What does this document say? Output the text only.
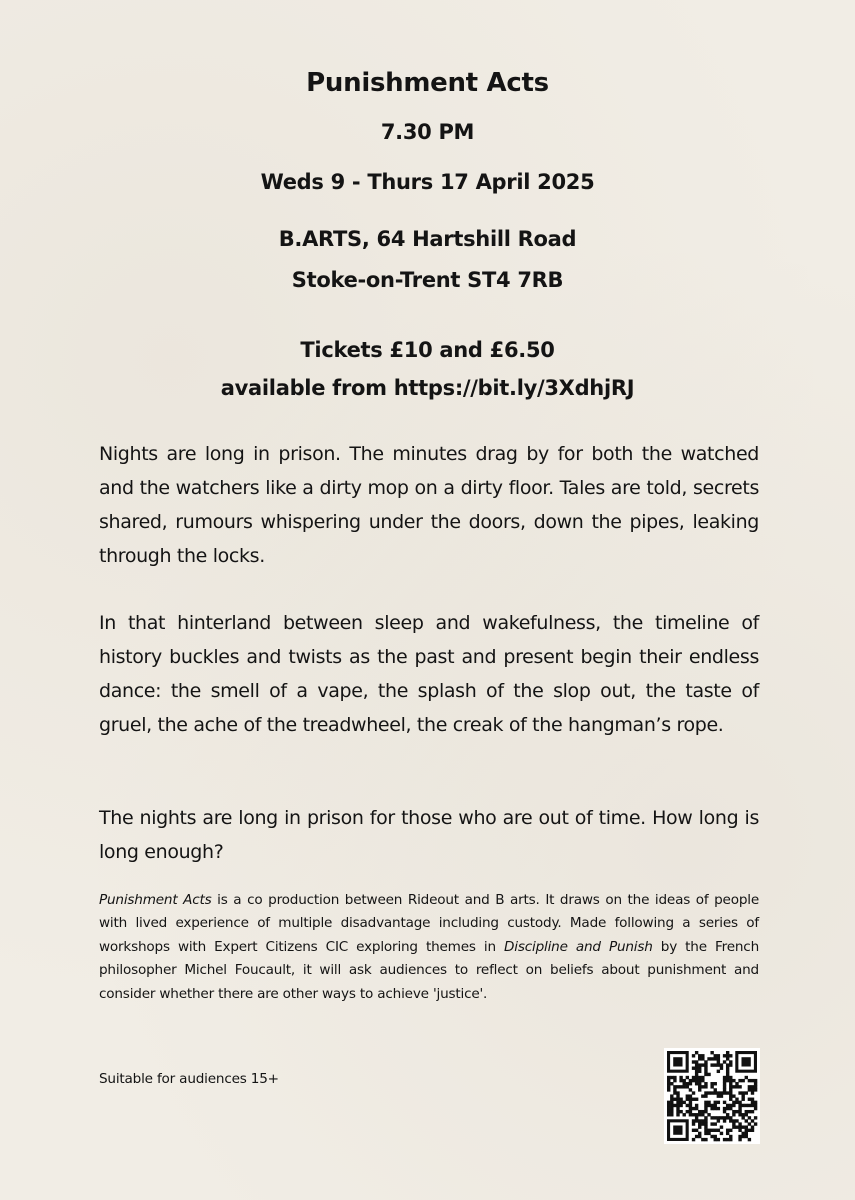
Punishment Acts
7.30 PM
Weds 9 - Thurs 17 April 2025
B.ARTS, 64 Hartshill Road
Stoke-on-Trent ST4 7RB
Tickets £10 and £6.50
available from https://bit.ly/3XdhjRJ

Nights are long in prison. The minutes drag by for both the watched and the watchers like a dirty mop on a dirty floor. Tales are told, secrets shared, rumours whispering under the doors, down the pipes, leaking through the locks.

In that hinterland between sleep and wakefulness, the timeline of history buckles and twists as the past and present begin their endless dance: the smell of a vape, the splash of the slop out, the taste of gruel, the ache of the treadwheel, the creak of the hangman’s rope.

The nights are long in prison for those who are out of time. How long is long enough?

Punishment Acts is a co production between Rideout and B arts. It draws on the ideas of people with lived experience of multiple disadvantage including custody. Made following a series of workshops with Expert Citizens CIC exploring themes in Discipline and Punish by the French philosopher Michel Foucault, it will ask audiences to reflect on beliefs about punishment and consider whether there are other ways to achieve 'justice'.

Suitable for audiences 15+
